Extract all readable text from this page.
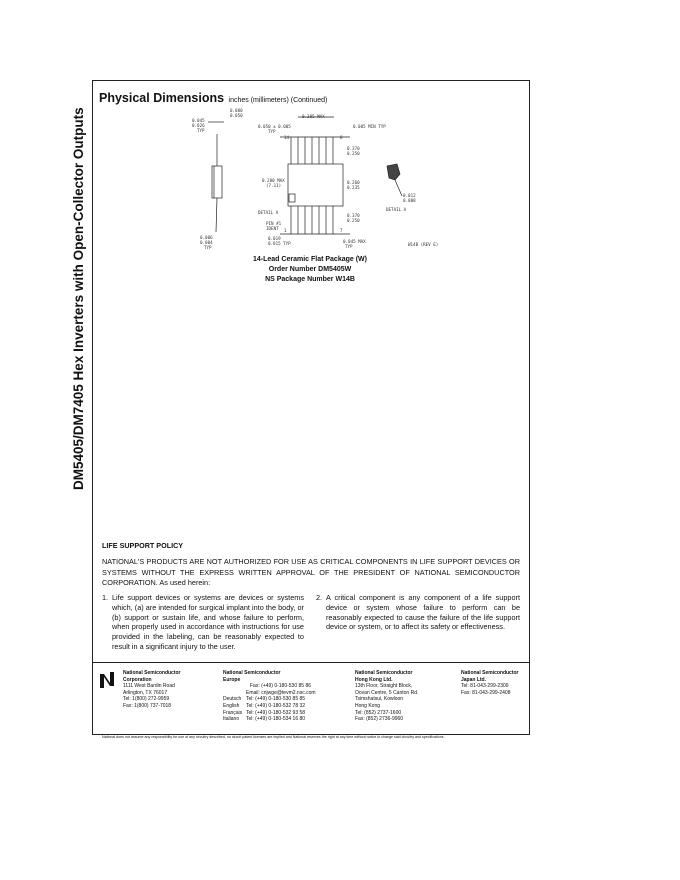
DM5405/DM7405 Hex Inverters with Open-Collector Outputs
Physical Dimensions inches (millimeters) (Continued)
0.045
0.026
TYP
0.080
0.050
0.006
0.004
TYP
0.385 MAX
0.050 ± 0.005
TYP
0.005 MIN TYP
14	8
1	7
0.280 MAX
(7.11)
0.370
0.250
0.260
0.235
0.370
0.250
DETAIL A
PIN #1
IDENT
0.019
0.015 TYP	0.045 MAX
TYP
0.012
0.008
DETAIL A
W14B (REV E)
14-Lead Ceramic Flat Package (W)
Order Number DM5405W
NS Package Number W14B
LIFE SUPPORT POLICY
NATIONAL'S PRODUCTS ARE NOT AUTHORIZED FOR USE AS CRITICAL COMPONENTS IN LIFE SUPPORT DEVICES OR SYSTEMS WITHOUT THE EXPRESS WRITTEN APPROVAL OF THE PRESIDENT OF NATIONAL SEMICONDUCTOR CORPORATION. As used herein:
1. Life support devices or systems are devices or systems which, (a) are intended for surgical implant into the body, or (b) support or sustain life, and whose failure to perform, when properly used in accordance with instructions for use provided in the labeling, can be reasonably expected to result in a significant injury to the user.
2. A critical component is any component of a life support device or system whose failure to perform can be reasonably expected to cause the failure of the life support device or system, or to affect its safety or effectiveness.
National Semiconductor
Corporation
1111 West Bardin Road
Arlington, TX 76017
Tel: 1(800) 272-9959
Fax: 1(800) 737-7018
National Semiconductor
Europe
Fax: (+49) 0-180-530 85 86
Email: cnjwge@tevm2.nsc.com
Deutsch Tel: (+49) 0-180-530 85 85
English	Tel: (+49) 0-180-532 78 32
Français Tel: (+49) 0-180-532 93 58
Italiano	Tel: (+49) 0-180-534 16 80
National Semiconductor
Hong Kong Ltd.
13th Floor, Straight Block,
Ocean Centre, 5 Canton Rd.
Tsimshatsui, Kowloon
Hong Kong
Tel: (852) 2737-1600
Fax: (852) 2736-9960
National Semiconductor
Japan Ltd.
Tel: 81-043-299-2309
Fax: 81-043-299-2408
National does not assume any responsibility for use of any circuitry described, no circuit patent licenses are implied and National reserves the right at any time without notice to change said circuitry and specifications.
